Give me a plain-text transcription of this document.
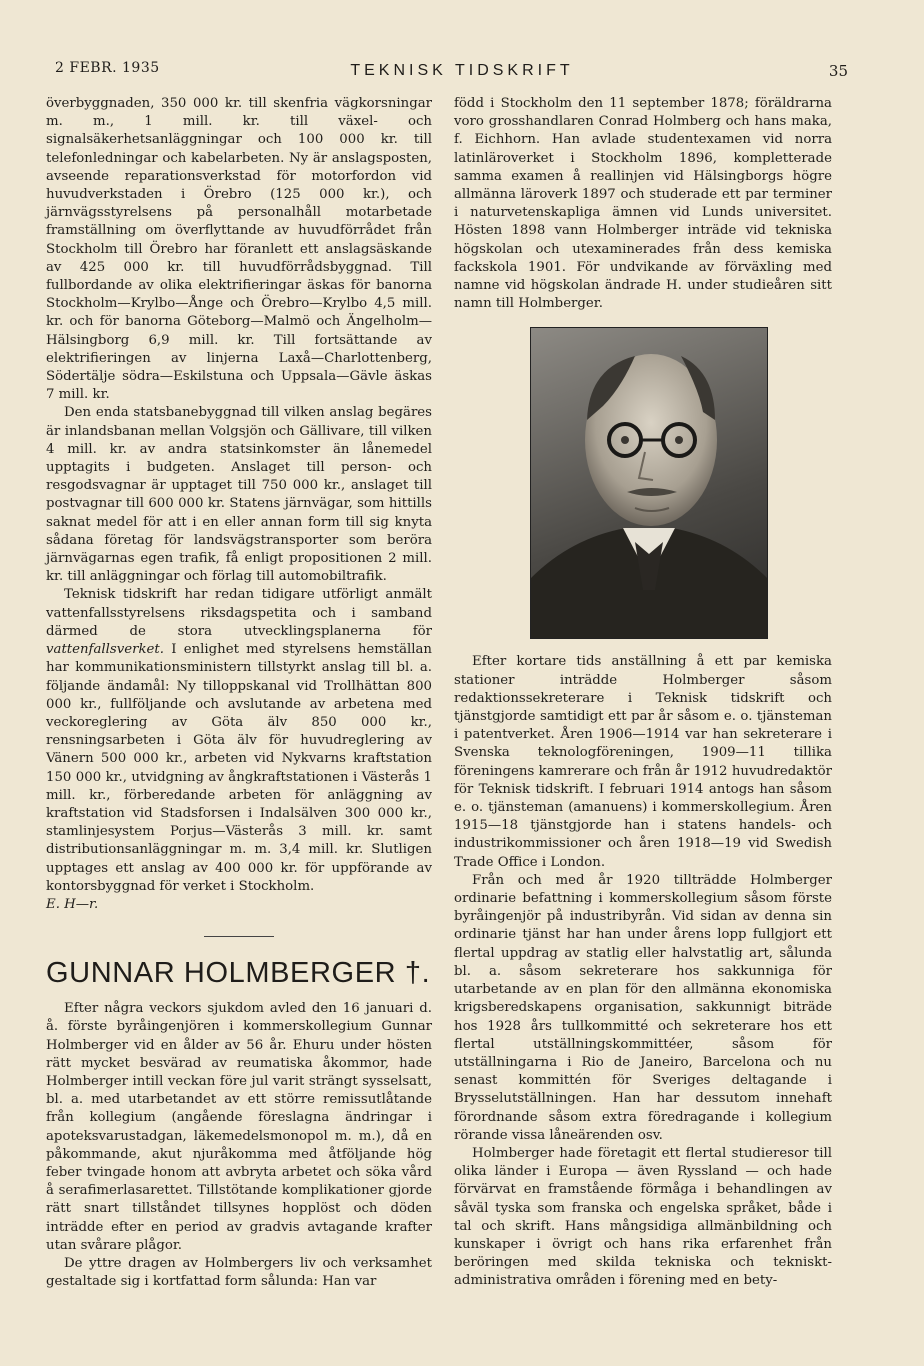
2 FEBR. 1935	TEKNISK TIDSKRIFT	35

överbyggnaden, 350 000 kr. till skenfria vägkorsningar m. m., 1 mill. kr. till växel- och signalsäkerhetsanläggningar och 100 000 kr. till telefonledningar och kabelarbeten. Ny är anslagsposten, avseende reparationsverkstad för motorfordon vid huvudverkstaden i Örebro (125 000 kr.), och järnvägsstyrelsens på personalhåll motarbetade framställning om överflyttande av huvudförrådet från Stockholm till Örebro har föranlett ett anslagsäskande av 425 000 kr. till huvudförrådsbyggnad. Till fullbordande av olika elektrifieringar äskas för banorna Stockholm—Krylbo—Ånge och Örebro—Krylbo 4,5 mill. kr. och för banorna Göteborg—Malmö och Ängelholm—Hälsingborg 6,9 mill. kr. Till fortsättande av elektrifieringen av linjerna Laxå—Charlottenberg, Södertälje södra—Eskilstuna och Uppsala—Gävle äskas 7 mill. kr.

Den enda statsbanebyggnad till vilken anslag begäres är inlandsbanan mellan Volgsjön och Gällivare, till vilken 4 mill. kr. av andra statsinkomster än lånemedel upptagits i budgeten. Anslaget till person- och resgodsvagnar är upptaget till 750 000 kr., anslaget till postvagnar till 600 000 kr. Statens järnvägar, som hittills saknat medel för att i en eller annan form till sig knyta sådana företag för landsvägstransporter som beröra järnvägarnas egen trafik, få enligt propositionen 2 mill. kr. till anläggningar och förlag till automobiltrafik.

Teknisk tidskrift har redan tidigare utförligt anmält vattenfallsstyrelsens riksdagspetita och i samband därmed de stora utvecklingsplanerna för vattenfallsverket. I enlighet med styrelsens hemställan har kommunikationsministern tillstyrkt anslag till bl. a. följande ändamål: Ny tilloppskanal vid Trollhättan 800 000 kr., fullföljande och avslutande av arbetena med veckoreglering av Göta älv 850 000 kr., rensningsarbeten i Göta älv för huvudreglering av Vänern 500 000 kr., arbeten vid Nykvarns kraftstation 150 000 kr., utvidgning av ångkraftstationen i Västerås 1 mill. kr., förberedande arbeten för anläggning av kraftstation vid Stadsforsen i Indalsälven 300 000 kr., stamlinjesystem Porjus—Västerås 3 mill. kr. samt distributionsanläggningar m. m. 3,4 mill. kr. Slutligen upptages ett anslag av 400 000 kr. för uppförande av kontorsbyggnad för verket i Stockholm.

E. H—r.

GUNNAR HOLMBERGER †.

Efter några veckors sjukdom avled den 16 januari d. å. förste byråingenjören i kommerskollegium Gunnar Holmberger vid en ålder av 56 år. Ehuru under hösten rätt mycket besvärad av reumatiska åkommor, hade Holmberger intill veckan före jul varit strängt sysselsatt, bl. a. med utarbetandet av ett större remissutlåtande från kollegium (angående föreslagna ändringar i apoteksvarustadgan, läkemedelsmonopol m. m.), då en påkommande, akut njuråkomma med åtföljande hög feber tvingade honom att avbryta arbetet och söka vård å serafimerlasarettet. Tillstötande komplikationer gjorde rätt snart tillståndet tillsynes hopplöst och döden inträdde efter en period av gradvis avtagande krafter utan svårare plågor.

De yttre dragen av Holmbergers liv och verksamhet gestaltade sig i kortfattad form sålunda: Han var

född i Stockholm den 11 september 1878; föräldrarna voro grosshandlaren Conrad Holmberg och hans maka, f. Eichhorn. Han avlade studentexamen vid norra latinläroverket i Stockholm 1896, kompletterade samma examen å reallinjen vid Hälsingborgs högre allmänna läroverk 1897 och studerade ett par terminer i naturvetenskapliga ämnen vid Lunds universitet. Hösten 1898 vann Holmberger inträde vid tekniska högskolan och utexaminerades från dess kemiska fackskola 1901. För undvikande av förväxling med namne vid högskolan ändrade H. under studieåren sitt namn till Holmberger.

Efter kortare tids anställning å ett par kemiska stationer inträdde Holmberger såsom redaktionssekreterare i Teknisk tidskrift och tjänstgjorde samtidigt ett par år såsom e. o. tjänsteman i patentverket. Åren 1906—1914 var han sekreterare i Svenska teknologföreningen, 1909—11 tillika föreningens kamrerare och från år 1912 huvudredaktör för Teknisk tidskrift. I februari 1914 antogs han såsom e. o. tjänsteman (amanuens) i kommerskollegium. Åren 1915—18 tjänstgjorde han i statens handels- och industrikommissioner och åren 1918—19 vid Swedish Trade Office i London.

Från och med år 1920 tillträdde Holmberger ordinarie befattning i kommerskollegium såsom förste byråingenjör på industribyrån. Vid sidan av denna sin ordinarie tjänst har han under årens lopp fullgjort ett flertal uppdrag av statlig eller halvstatlig art, sålunda bl. a. såsom sekreterare hos sakkunniga för utarbetande av en plan för den allmänna ekonomiska krigsberedskapens organisation, sakkunnigt biträde hos 1928 års tullkommitté och sekreterare hos ett flertal utställningskommittéer, såsom för utställningarna i Rio de Janeiro, Barcelona och nu senast kommittén för Sveriges deltagande i Brysselutställningen. Han har dessutom innehaft förordnande såsom extra föredragande i kollegium rörande vissa låneärenden osv.

Holmberger hade företagit ett flertal studieresor till olika länder i Europa — även Ryssland — och hade förvärvat en framstående förmåga i behandlingen av såväl tyska som franska och engelska språket, både i tal och skrift. Hans mångsidiga allmänbildning och kunskaper i övrigt och hans rika erfarenhet från beröringen med skilda tekniska och tekniskt-administrativa områden i förening med en bety-
